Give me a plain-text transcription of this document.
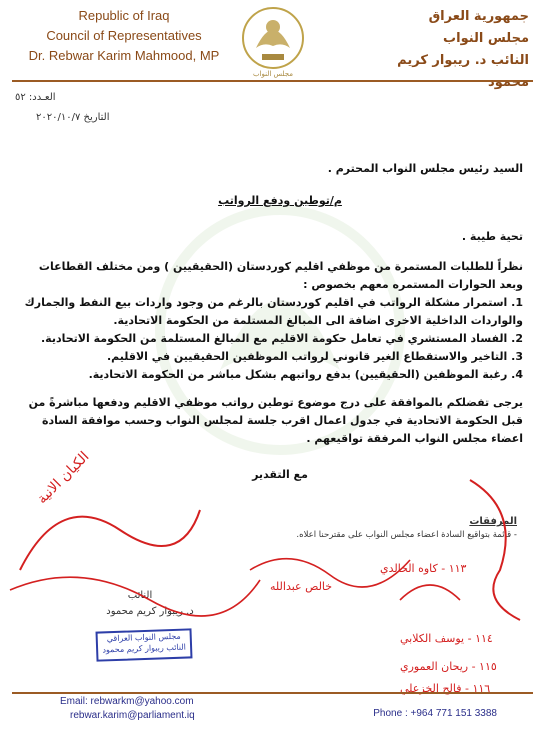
Republic of Iraq
Council of Representatives
Dr. Rebwar Karim Mahmood, MP
مجلس النواب
جمهورية العراق
مجلس النواب
النائب د. ريبوار كريم محمود
العـدد: ٥٢
التاريخ ٢٠٢٠/١٠/٧
السيد رئيس مجلس النواب المحترم .
م/توطين ودفع الرواتب
تحية طيبة .
نظراً للطلبات المستمرة من موظفي اقليم كوردستان (الحقيقيين ) ومن مختلف القطاعات وبعد الحوارات المستمره معهم بخصوص :
1. استمرار مشكلة الرواتب في اقليم كوردستان بالرغم من وجود واردات بيع النفط والجمارك والواردات الداخلية الاخرى اضافة الى المبالغ المستلمة من الحكومة الاتحادية.
2. الفساد المستشري في تعامل حكومة الاقليم مع المبالغ المستلمة من الحكومة الاتحادية.
3. التاخير والاستقطاع الغير قانوني لرواتب الموظفين الحقيقيين في الاقليم.
4. رغبة الموظفين (الحقيقيين) بدفع رواتبهم بشكل مباشر من الحكومة الاتحادية.
يرجى تفضلكم بالموافقة على درج موضوع توطين رواتب موظفي الاقليم ودفعها مباشرةً من قبل الحكومة الاتحادية في جدول اعمال اقرب جلسة لمجلس النواب وحسب موافقة السادة اعضاء مجلس النواب المرفقة تواقيعهم .
مع التقدير
المرفقات
- قائمة بتواقيع السادة اعضاء مجلس النواب على مقترحنا اعلاه.
النائب
د. ريبوار كريم محمود
مجلس النواب العراقي
النائب ريبوار كريم محمود
الكيان الانية
خالص عبدالله
١١٣ - كاوه الخالدي
١١٤ - يوسف الكلابي
١١٥ - ريحان العموري
١١٦ - فالح الخزعلي
Email: rebwarkm@yahoo.com
rebwar.karim@parliament.iq	Phone : +964 771 151 3388
